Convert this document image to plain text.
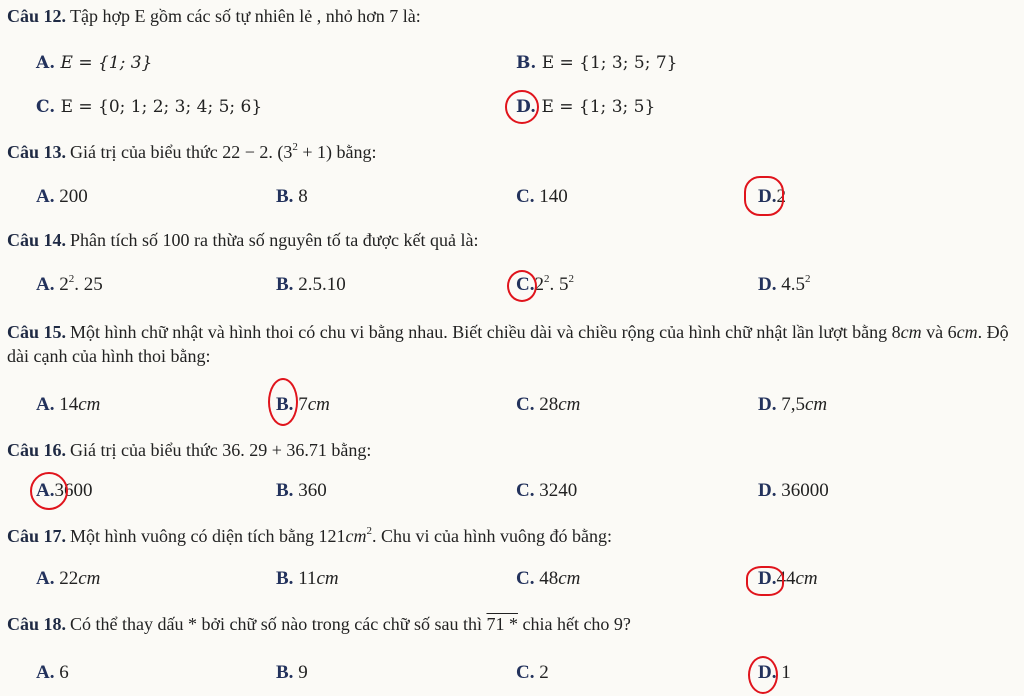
Câu 12. Tập hợp E gồm các số tự nhiên lẻ , nhỏ hơn 7 là:
A. E = {1; 3}	B. E = {1; 3; 5; 7}
C. E = {0; 1; 2; 3; 4; 5; 6}	D. E = {1; 3; 5}
Câu 13. Giá trị của biểu thức 22 − 2. $(3^2 + 1)$ bằng:
A. 200	B. 8	C. 140	D.2
Câu 14. Phân tích số 100 ra thừa số nguyên tố ta được kết quả là:
A. $2^2$. 25	B. 2.5.10	$C.2^2$. $5^2$	D. $4.5^2$
Câu 15. Một hình chữ nhật và hình thoi có chu vi bằng nhau. Biết chiều dài và chiều rộng của hình chữ nhật lần lượt bằng 8cm và 6cm. Độ dài cạnh của hình thoi bằng:
A. 14cm	B. 7cm	C. 28cm	D. 7,5cm
Câu 16. Giá trị của biểu thức 36. 29 + 36.71 bằng:
A.3600	B. 360	C. 3240	D. 36000
Câu 17. Một hình vuông có diện tích bằng $121cm^2$. Chu vi của hình vuông đó bằng:
A. 22cm	B. 11cm	C. 48cm	D.44cm
Câu 18. Có thể thay dấu * bởi chữ số nào trong các chữ số sau thì 71 * chia hết cho 9?
A. 6	B. 9	C. 2	D. 1
